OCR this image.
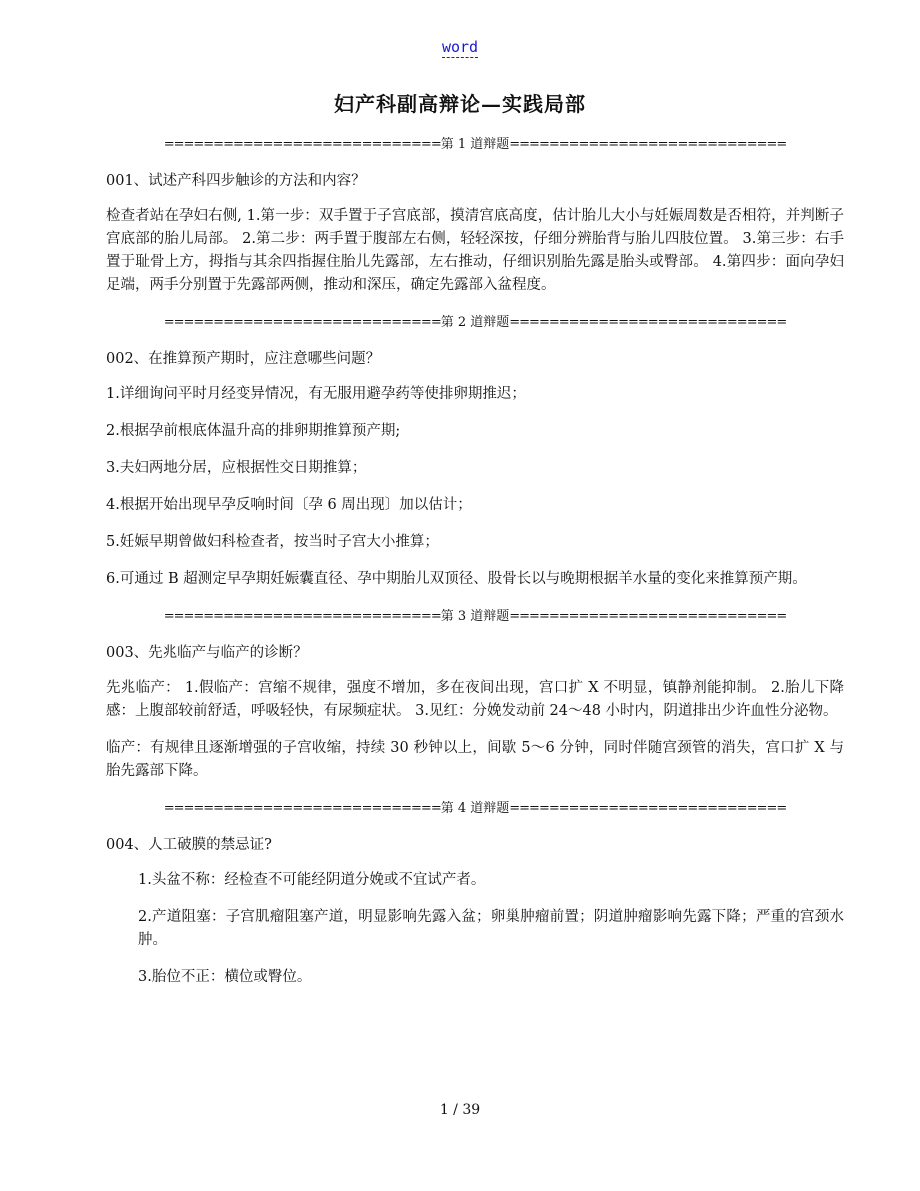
word
妇产科副高辩论—实践局部
============================第 1 道辩题============================

001、试述产科四步触诊的方法和内容？

检查者站在孕妇右侧, 1.第一步：双手置于子宫底部，摸清宫底高度，估计胎儿大小与妊娠周数是否相符，并判断子宫底部的胎儿局部。 2.第二步：两手置于腹部左右侧，轻轻深按，仔细分辨胎背与胎儿四肢位置。 3.第三步：右手置于耻骨上方，拇指与其余四指握住胎儿先露部，左右推动，仔细识别胎先露是胎头或臀部。 4.第四步：面向孕妇足端，两手分别置于先露部两侧，推动和深压，确定先露部入盆程度。

============================第 2 道辩题============================

002、在推算预产期时，应注意哪些问题？

1.详细询问平时月经变异情况，有无服用避孕药等使排卵期推迟；

2.根据孕前根底体温升高的排卵期推算预产期;

3.夫妇两地分居，应根据性交日期推算；

4.根据开始出现早孕反响时间〔孕 6 周出现〕加以估计；

5.妊娠早期曾做妇科检查者，按当时子宫大小推算；

6.可通过 B 超测定早孕期妊娠囊直径、孕中期胎儿双顶径、股骨长以与晚期根据羊水量的变化来推算预产期。

============================第 3 道辩题============================

003、先兆临产与临产的诊断？

先兆临产： 1.假临产：宫缩不规律，强度不增加，多在夜间出现，宫口扩 X 不明显，镇静剂能抑制。 2.胎儿下降感：上腹部较前舒适，呼吸轻快，有尿频症状。 3.见红：分娩发动前 24～48 小时内，阴道排出少许血性分泌物。

临产：有规律且逐渐增强的子宫收缩，持续 30 秒钟以上，间歇 5～6 分钟，同时伴随宫颈管的消失，宫口扩 X 与胎先露部下降。

============================第 4 道辩题============================

004、人工破膜的禁忌证?

1.头盆不称：经检查不可能经阴道分娩或不宜试产者。

2.产道阻塞：子宫肌瘤阻塞产道，明显影响先露入盆；卵巢肿瘤前置；阴道肿瘤影响先露下降；严重的宫颈水肿。

3.胎位不正：横位或臀位。

1 / 39
